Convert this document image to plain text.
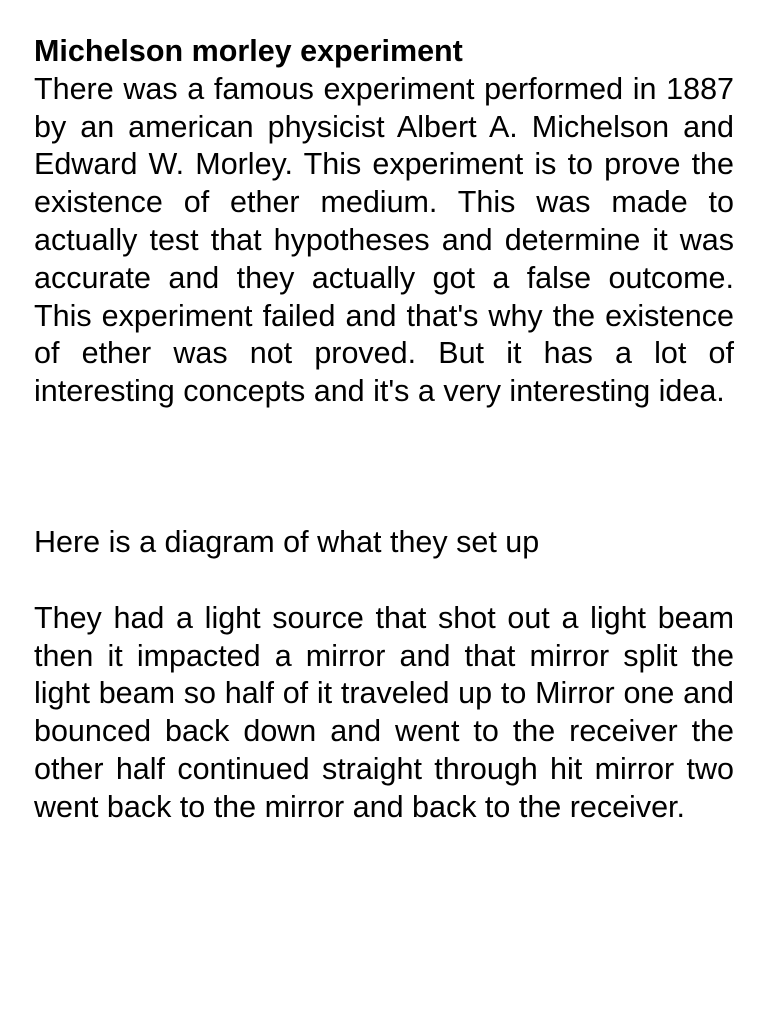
Michelson morley experiment

There was a famous experiment performed in 1887 by an american physicist Albert A. Michelson and Edward W. Morley. This experiment is to prove the existence of ether medium. This was made to actually test that hypotheses and determine it was accurate and they actually got a false outcome. This experiment failed and that's why the existence of ether was not proved. But it has a lot of interesting concepts and it's a very interesting idea.

Here is a diagram of what they set up

They had a light source that shot out a light beam then it impacted a mirror and that mirror split the light beam so half of it traveled up to Mirror one and bounced back down and went to the receiver the other half continued straight through hit mirror two went back to the mirror and back to the receiver.
